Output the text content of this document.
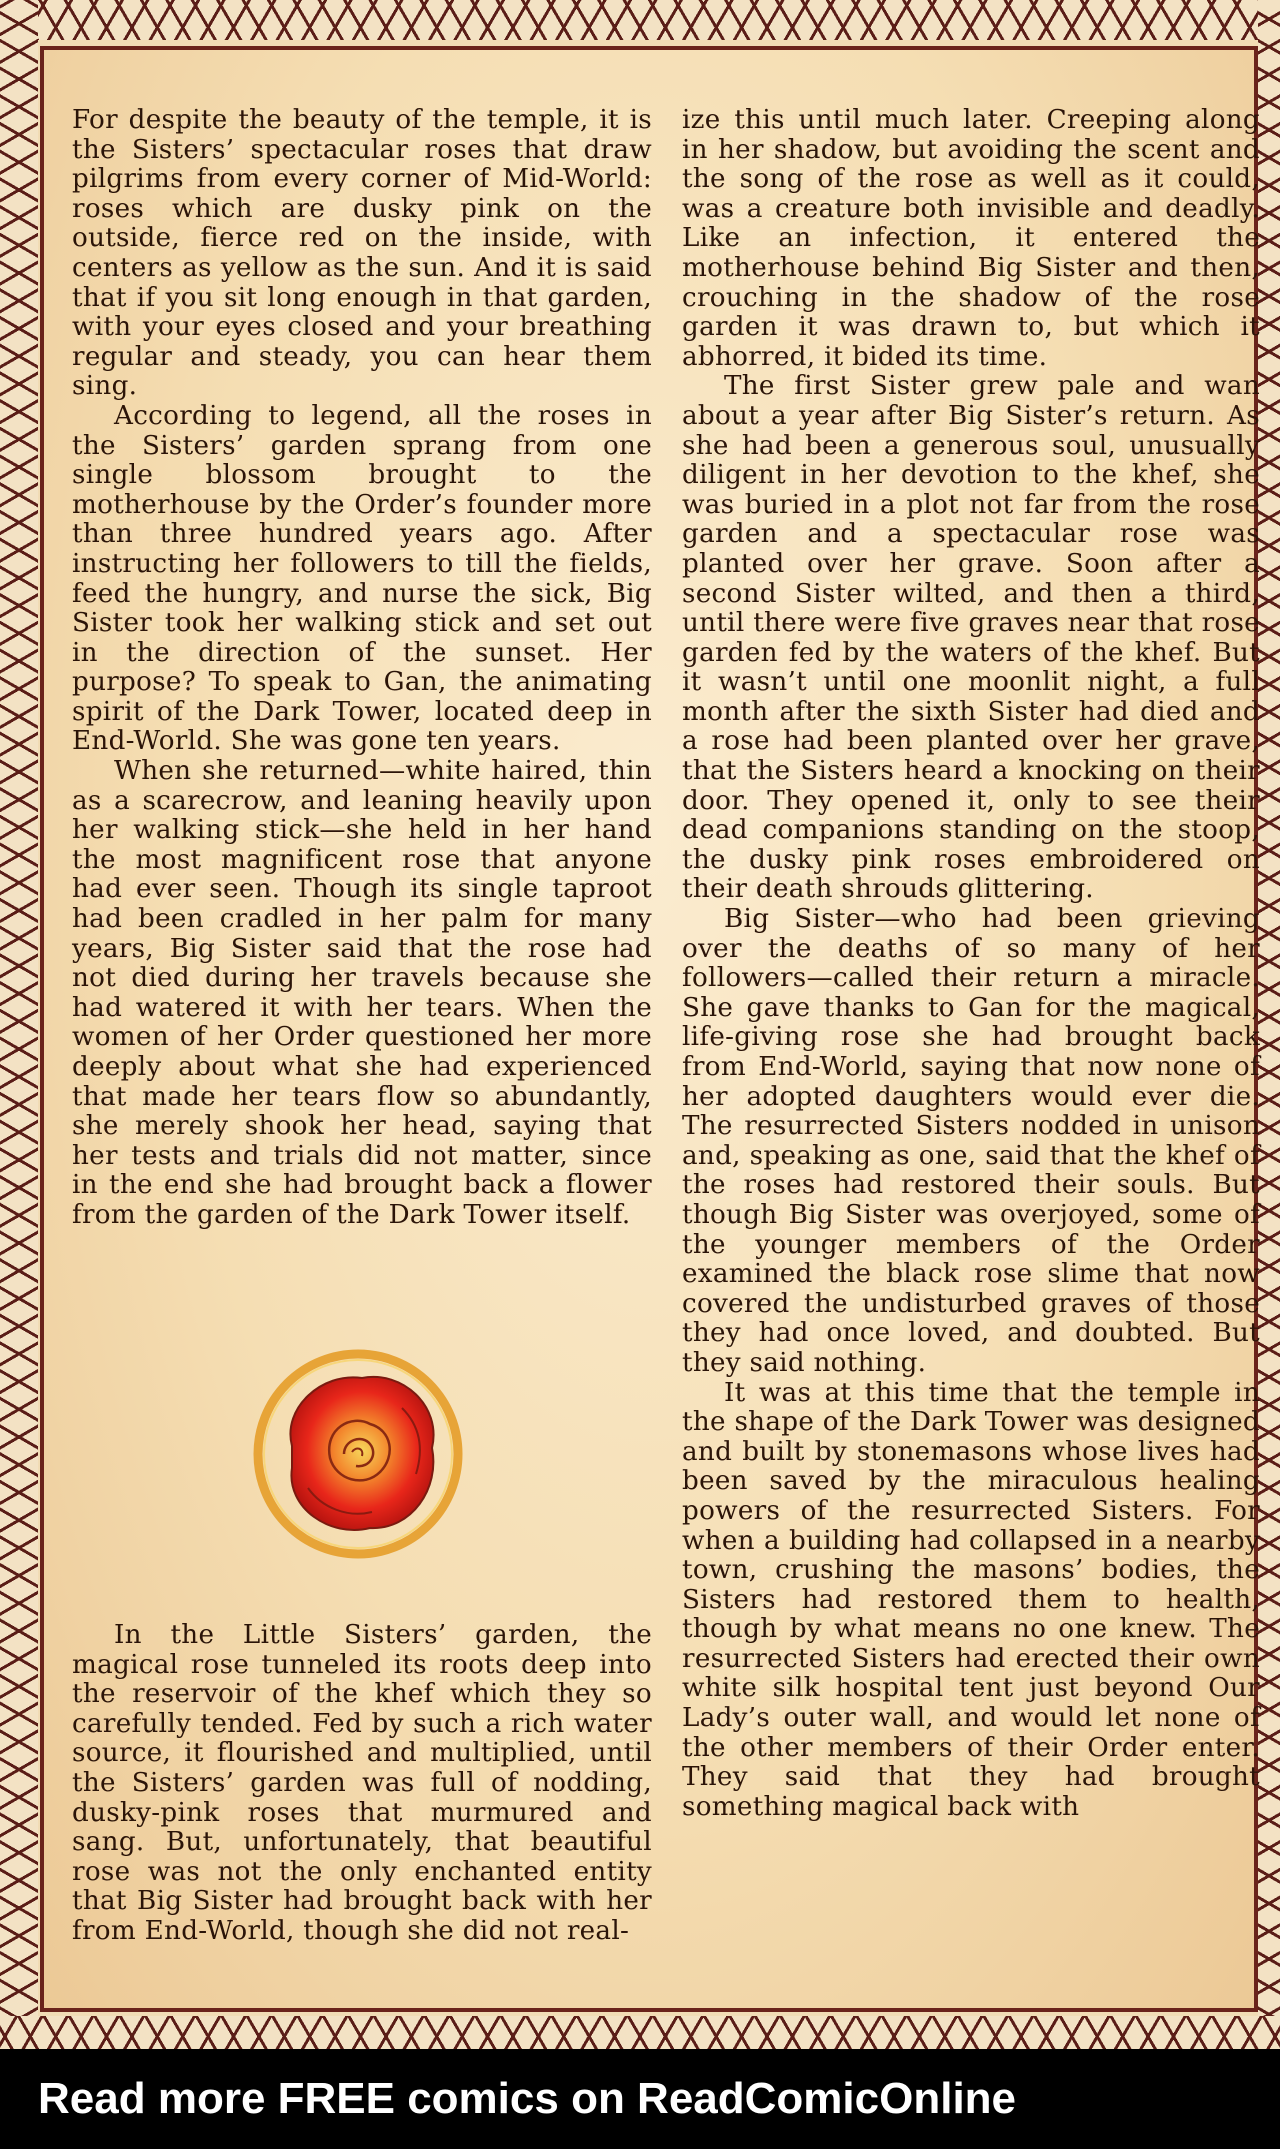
For despite the beauty of the temple, it is the Sisters’ spectacular roses that draw pilgrims from every corner of Mid-World: roses which are dusky pink on the outside, fierce red on the inside, with centers as yellow as the sun. And it is said that if you sit long enough in that garden, with your eyes closed and your breathing regular and steady, you can hear them sing.

According to legend, all the roses in the Sisters’ garden sprang from one single blossom brought to the motherhouse by the Order’s founder more than three hundred years ago. After instructing her followers to till the fields, feed the hungry, and nurse the sick, Big Sister took her walking stick and set out in the direction of the sunset. Her purpose? To speak to Gan, the animating spirit of the Dark Tower, located deep in End-World. She was gone ten years.

When she returned—white haired, thin as a scarecrow, and leaning heavily upon her walking stick—she held in her hand the most magnificent rose that anyone had ever seen. Though its single taproot had been cradled in her palm for many years, Big Sister said that the rose had not died during her travels because she had watered it with her tears. When the women of her Order questioned her more deeply about what she had experienced that made her tears flow so abundantly, she merely shook her head, saying that her tests and trials did not matter, since in the end she had brought back a flower from the garden of the Dark Tower itself.

In the Little Sisters’ garden, the magical rose tunneled its roots deep into the reservoir of the khef which they so carefully tended. Fed by such a rich water source, it flourished and multiplied, until the Sisters’ garden was full of nodding, dusky-pink roses that murmured and sang. But, unfortunately, that beautiful rose was not the only enchanted entity that Big Sister had brought back with her from End-World, though she did not real-

ize this until much later. Creeping along in her shadow, but avoiding the scent and the song of the rose as well as it could, was a creature both invisible and deadly. Like an infection, it entered the motherhouse behind Big Sister and then, crouching in the shadow of the rose garden it was drawn to, but which it abhorred, it bided its time.

The first Sister grew pale and wan about a year after Big Sister’s return. As she had been a generous soul, unusually diligent in her devotion to the khef, she was buried in a plot not far from the rose garden and a spectacular rose was planted over her grave. Soon after a second Sister wilted, and then a third, until there were five graves near that rose garden fed by the waters of the khef. But it wasn’t until one moonlit night, a full month after the sixth Sister had died and a rose had been planted over her grave, that the Sisters heard a knocking on their door. They opened it, only to see their dead companions standing on the stoop, the dusky pink roses embroidered on their death shrouds glittering.

Big Sister—who had been grieving over the deaths of so many of her followers—called their return a miracle. She gave thanks to Gan for the magical, life-giving rose she had brought back from End-World, saying that now none of her adopted daughters would ever die. The resurrected Sisters nodded in unison and, speaking as one, said that the khef of the roses had restored their souls. But though Big Sister was overjoyed, some of the younger members of the Order examined the black rose slime that now covered the undisturbed graves of those they had once loved, and doubted. But they said nothing.

It was at this time that the temple in the shape of the Dark Tower was designed and built by stonemasons whose lives had been saved by the miraculous healing powers of the resurrected Sisters. For when a building had collapsed in a nearby town, crushing the masons’ bodies, the Sisters had restored them to health, though by what means no one knew. The resurrected Sisters had erected their own white silk hospital tent just beyond Our Lady’s outer wall, and would let none of the other members of their Order enter. They said that they had brought something magical back with

Read more FREE comics on ReadComicOnline
